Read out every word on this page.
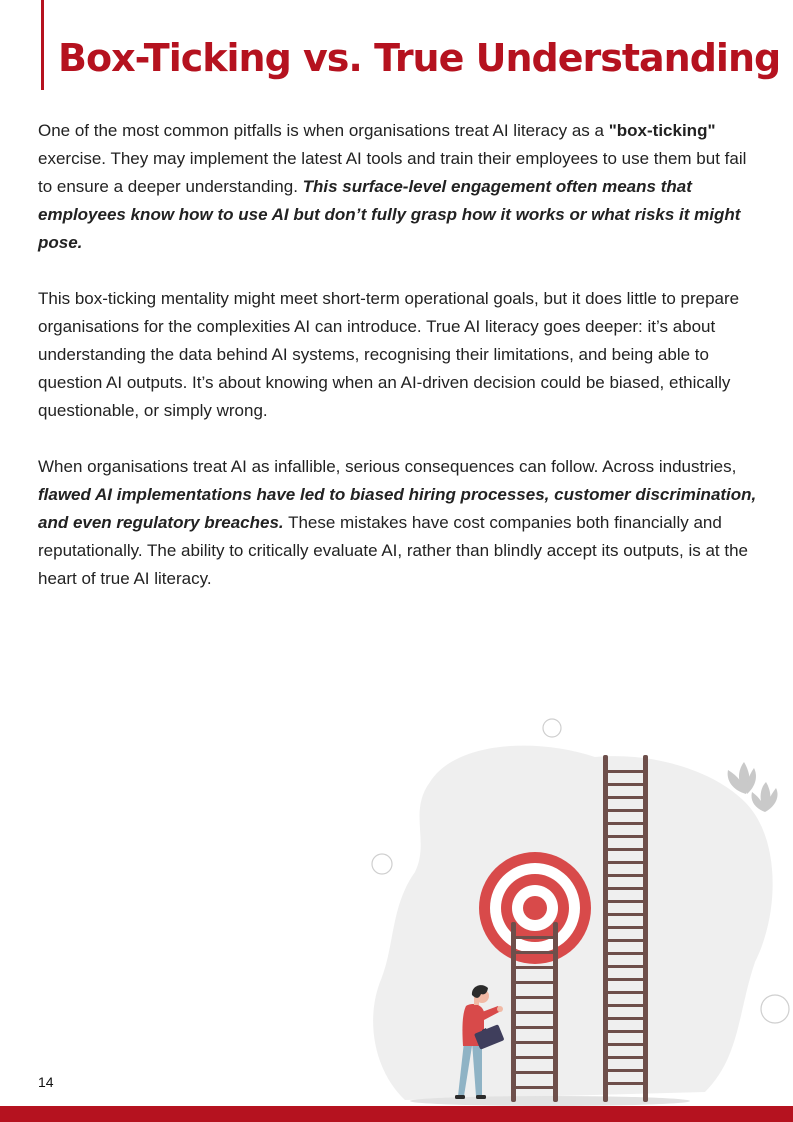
Box-Ticking vs. True Understanding

One of the most common pitfalls is when organisations treat AI literacy as a "box-ticking" exercise. They may implement the latest AI tools and train their employees to use them but fail to ensure a deeper understanding. This surface-level engagement often means that employees know how to use AI but don’t fully grasp how it works or what risks it might pose.

This box-ticking mentality might meet short-term operational goals, but it does little to prepare organisations for the complexities AI can introduce. True AI literacy goes deeper: it’s about understanding the data behind AI systems, recognising their limitations, and being able to question AI outputs. It’s about knowing when an AI-driven decision could be biased, ethically questionable, or simply wrong.

When organisations treat AI as infallible, serious consequences can follow. Across industries, flawed AI implementations have led to biased hiring processes, customer discrimination, and even regulatory breaches. These mistakes have cost companies both financially and reputationally. The ability to critically evaluate AI, rather than blindly accept its outputs, is at the heart of true AI literacy.

14
